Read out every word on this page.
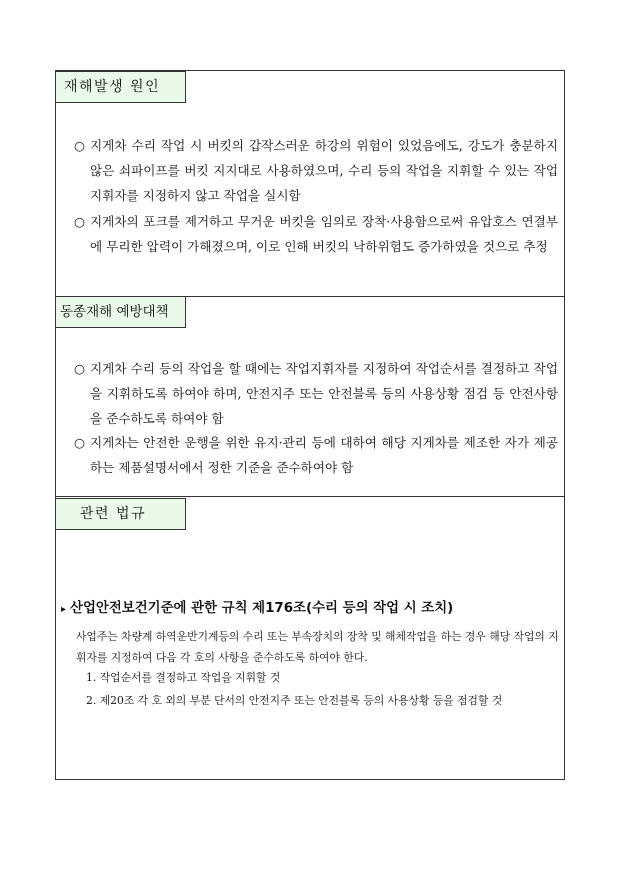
재해발생 원인
○ 지게차 수리 작업 시 버킷의 갑작스러운 하강의 위험이 있었음에도, 강도가 충분하지 않은 쇠파이프를 버킷 지지대로 사용하였으며, 수리 등의 작업을 지휘할 수 있는 작업지휘자를 지정하지 않고 작업을 실시함
○ 지게차의 포크를 제거하고 무거운 버킷을 임의로 장착·사용함으로써 유압호스 연결부에 무리한 압력이 가해졌으며, 이로 인해 버킷의 낙하위험도 증가하였을 것으로 추정
동종재해 예방대책
○ 지게차 수리 등의 작업을 할 때에는 작업지휘자를 지정하여 작업순서를 결정하고 작업을 지휘하도록 하여야 하며, 안전지주 또는 안전블록 등의 사용상황 점검 등 안전사항을 준수하도록 하여야 함
○ 지게차는 안전한 운행을 위한 유지·관리 등에 대하여 해당 지게차를 제조한 자가 제공하는 제품설명서에서 정한 기준을 준수하여야 함
관련 법규
▸ 산업안전보건기준에 관한 규칙 제176조(수리 등의 작업 시 조치)
사업주는 차량계 하역운반기계등의 수리 또는 부속장치의 장착 및 해체작업을 하는 경우 해당 작업의 지휘자를 지정하여 다음 각 호의 사항을 준수하도록 하여야 한다.
1. 작업순서를 결정하고 작업을 지휘할 것
2. 제20조 각 호 외의 부분 단서의 안전지주 또는 안전블록 등의 사용상황 등을 점검할 것
